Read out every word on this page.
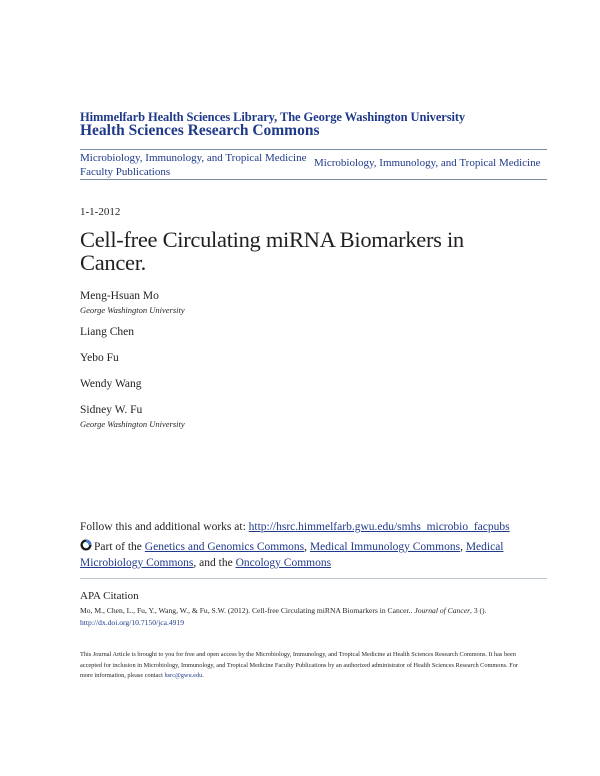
Himmelfarb Health Sciences Library, The George Washington University
Health Sciences Research Commons
Microbiology, Immunology, and Tropical Medicine Faculty Publications
Microbiology, Immunology, and Tropical Medicine
1-1-2012
Cell-free Circulating miRNA Biomarkers in Cancer.
Meng-Hsuan Mo
George Washington University
Liang Chen
Yebo Fu
Wendy Wang
Sidney W. Fu
George Washington University
Follow this and additional works at: http://hsrc.himmelfarb.gwu.edu/smhs_microbio_facpubs
Part of the Genetics and Genomics Commons, Medical Immunology Commons, Medical Microbiology Commons, and the Oncology Commons
APA Citation
Mo, M., Chen, L., Fu, Y., Wang, W., & Fu, S.W. (2012). Cell-free Circulating miRNA Biomarkers in Cancer.. Journal of Cancer, 3 ().
http://dx.doi.org/10.7150/jca.4919
This Journal Article is brought to you for free and open access by the Microbiology, Immunology, and Tropical Medicine at Health Sciences Research Commons. It has been accepted for inclusion in Microbiology, Immunology, and Tropical Medicine Faculty Publications by an authorized administrator of Health Sciences Research Commons. For more information, please contact hsrc@gwu.edu.
